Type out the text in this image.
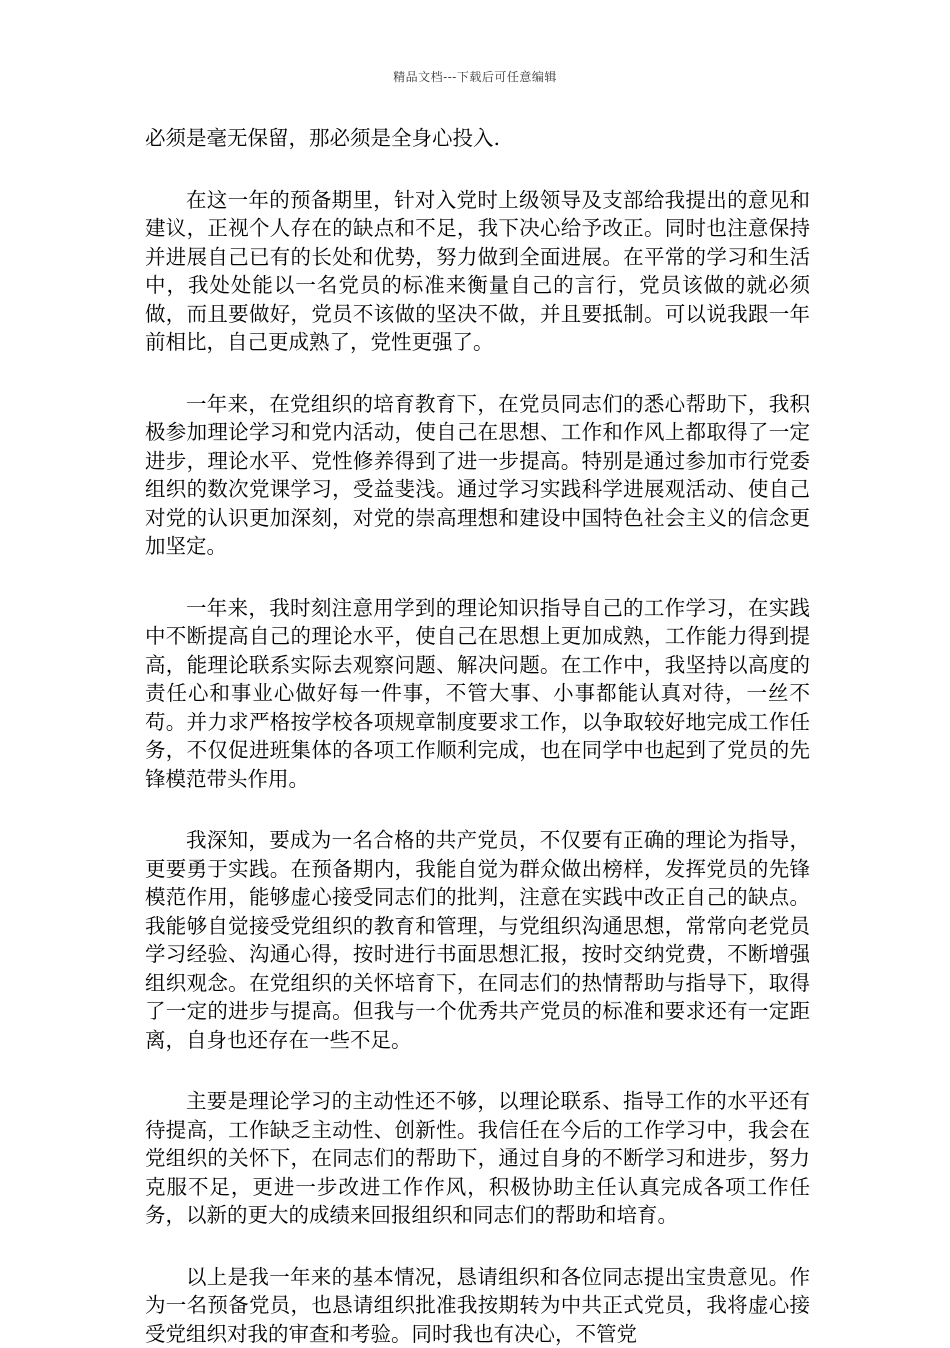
精品文档---下载后可任意编辑

必须是毫无保留，那必须是全身心投入.

在这一年的预备期里，针对入党时上级领导及支部给我提出的意见和建议，正视个人存在的缺点和不足，我下决心给予改正。同时也注意保持并进展自己已有的长处和优势，努力做到全面进展。在平常的学习和生活中，我处处能以一名党员的标准来衡量自己的言行，党员该做的就必须做，而且要做好，党员不该做的坚决不做，并且要抵制。可以说我跟一年前相比，自己更成熟了，党性更强了。

一年来，在党组织的培育教育下，在党员同志们的悉心帮助下，我积极参加理论学习和党内活动，使自己在思想、工作和作风上都取得了一定进步，理论水平、党性修养得到了进一步提高。特别是通过参加市行党委组织的数次党课学习，受益斐浅。通过学习实践科学进展观活动、使自己对党的认识更加深刻，对党的崇高理想和建设中国特色社会主义的信念更加坚定。

一年来，我时刻注意用学到的理论知识指导自己的工作学习，在实践中不断提高自己的理论水平，使自己在思想上更加成熟，工作能力得到提高，能理论联系实际去观察问题、解决问题。在工作中，我坚持以高度的责任心和事业心做好每一件事，不管大事、小事都能认真对待，一丝不苟。并力求严格按学校各项规章制度要求工作，以争取较好地完成工作任务，不仅促进班集体的各项工作顺利完成，也在同学中也起到了党员的先锋模范带头作用。

我深知，要成为一名合格的共产党员，不仅要有正确的理论为指导，更要勇于实践。在预备期内，我能自觉为群众做出榜样，发挥党员的先锋模范作用，能够虚心接受同志们的批判，注意在实践中改正自己的缺点。我能够自觉接受党组织的教育和管理，与党组织沟通思想，常常向老党员学习经验、沟通心得，按时进行书面思想汇报，按时交纳党费，不断增强组织观念。在党组织的关怀培育下，在同志们的热情帮助与指导下，取得了一定的进步与提高。但我与一个优秀共产党员的标准和要求还有一定距离，自身也还存在一些不足。

主要是理论学习的主动性还不够，以理论联系、指导工作的水平还有待提高，工作缺乏主动性、创新性。我信任在今后的工作学习中，我会在党组织的关怀下，在同志们的帮助下，通过自身的不断学习和进步，努力克服不足，更进一步改进工作作风，积极协助主任认真完成各项工作任务，以新的更大的成绩来回报组织和同志们的帮助和培育。

以上是我一年来的基本情况，恳请组织和各位同志提出宝贵意见。作为一名预备党员，也恳请组织批准我按期转为中共正式党员，我将虚心接受党组织对我的审查和考验。同时我也有决心，不管党
